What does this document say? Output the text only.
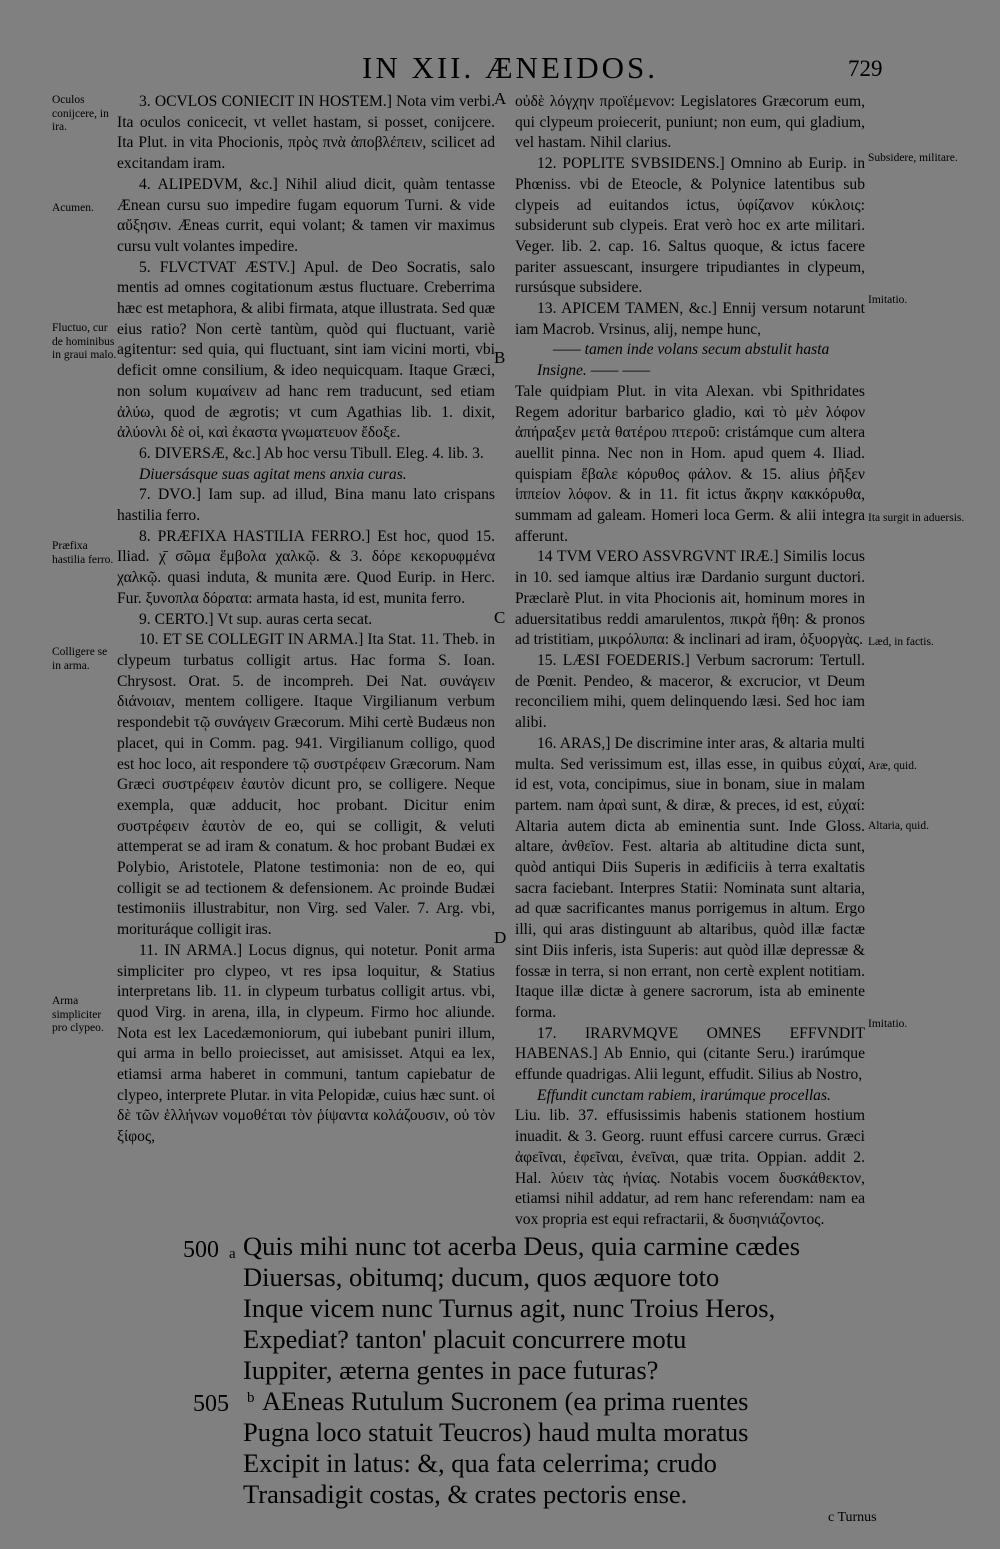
IN XII. ÆNEIDOS.	729
Oculos conijcere, in ira.
Acumen.
Fluctuo, cur de hominibus in graui malo.
Præfixa hastilia ferro.
Colligere se in arma.
Arma simpliciter pro clypeo.
Subsidere, militare.
Imitatio.
Ita surgit in aduersis.
Læd, in factis.
Aræ, quid.
Altaria, quid.
Imitatio.
A
B
C
D

3. OCVLOS CONIECIT IN HOSTEM.] Nota vim verbi. Ita oculos conicecit, vt vellet hastam, si posset, conijcere. Ita Plut. in vita Phocionis, πρὸς πνὰ ἀποβλέπειν, scilicet ad excitandam iram.

4. ALIPEDVM, &c.] Nihil aliud dicit, quàm tentasse Ænean cursu suo impedire fugam equorum Turni. & vide αὔξησιν. Æneas currit, equi volant; & tamen vir maximus cursu vult volantes impedire.

5. FLVCTVAT ÆSTV.] Apul. de Deo Socratis, salo mentis ad omnes cogitationum æstus fluctuare. Creberrima hæc est metaphora, & alibi firmata, atque illustrata. Sed quæ eius ratio? Non certè tantùm, quòd qui fluctuant, variè agitentur: sed quia, qui fluctuant, sint iam vicini morti, vbi deficit omne consilium, & ideo nequicquam. Itaque Græci, non solum κυμαίνειν ad hanc rem traducunt, sed etiam ἀλύω, quod de ægrotis; vt cum Agathias lib. 1. dixit, ἀλύονλι δὲ οἱ, καὶ ἐκαστα γνωματευον ἔδοξε.

6. DIVERSÆ, &c.] Ab hoc versu Tibull. Eleg. 4. lib. 3.

Diuersásque suas agitat mens anxia curas.

7. DVO.] Iam sup. ad illud, Bina manu lato crispans hastilia ferro.

8. PRÆFIXA HASTILIA FERRO.] Est hoc, quod 15. Iliad. χ̄ σῶμα ἕμβολα χαλκῷ. & 3. δόρε κεκορυφμένα χαλκῷ. quasi induta, & munita ære. Quod Eurip. in Herc. Fur. ξυνοπλα δόρατα: armata hasta, id est, munita ferro.

9. CERTO.] Vt sup. auras certa secat.

10. ET SE COLLEGIT IN ARMA.] Ita Stat. 11. Theb. in clypeum turbatus colligit artus. Hac forma S. Ioan. Chrysost. Orat. 5. de incompreh. Dei Nat. συνάγειν διάνοιαν, mentem colligere. Itaque Virgilianum verbum respondebit τῷ συνάγειν Græcorum. Mihi certè Budæus non placet, qui in Comm. pag. 941. Virgilianum colligo, quod est hoc loco, ait respondere τῷ συστρέφειν Græcorum. Nam Græci συστρέφειν ἑαυτὸν dicunt pro, se colligere. Neque exempla, quæ adducit, hoc probant. Dicitur enim συστρέφειν ἑαυτὸν de eo, qui se colligit, & veluti attemperat se ad iram & conatum. & hoc probant Budæi ex Polybio, Aristotele, Platone testimonia: non de eo, qui colligit se ad tectionem & defensionem. Ac proinde Budæi testimoniis illustrabitur, non Virg. sed Valer. 7. Arg. vbi, morituráque colligit iras.

11. IN ARMA.] Locus dignus, qui notetur. Ponit arma simpliciter pro clypeo, vt res ipsa loquitur, & Statius interpretans lib. 11. in clypeum turbatus colligit artus. vbi, quod Virg. in arena, illa, in clypeum. Firmo hoc aliunde. Nota est lex Lacedæmoniorum, qui iubebant puniri illum, qui arma in bello proiecisset, aut amisisset. Atqui ea lex, etiamsi arma haberet in communi, tantum capiebatur de clypeo, interprete Plutar. in vita Pelopidæ, cuius hæc sunt. οἱ δὲ τῶν ἑλλήνων νομοθέται τὸν ῥίψαντα κολάζουσιν, οὐ τὸν ξίφος,

οὐδὲ λόγχην προϊέμενον: Legislatores Græcorum eum, qui clypeum proiecerit, puniunt; non eum, qui gladium, vel hastam. Nihil clarius.

12. POPLITE SVBSIDENS.] Omnino ab Eurip. in Phœniss. vbi de Eteocle, & Polynice latentibus sub clypeis ad euitandos ictus, ὑφίζανον κύκλοις: subsiderunt sub clypeis. Erat verò hoc ex arte militari. Veger. lib. 2. cap. 16. Saltus quoque, & ictus facere pariter assuescant, insurgere tripudiantes in clypeum, rursúsque subsidere.

13. APICEM TAMEN, &c.] Ennij versum notarunt iam Macrob. Vrsinus, alij, nempe hunc,

—— tamen inde volans secum abstulit hasta

Insigne. —— ——

Tale quidpiam Plut. in vita Alexan. vbi Spithridates Regem adoritur barbarico gladio, καὶ τὸ μὲν λόφον ἀπήραξεν μετὰ θατέρου πτεροῦ: cristámque cum altera auellit pinna. Nec non in Hom. apud quem 4. Iliad. quispiam ἔβαλε κόρυθος φάλον. & 15. alius ῥῆξεν ἱππείον λόφον. & in 11. fit ictus ἄκρην κακκόρυθα, summam ad galeam. Homeri loca Germ. & alii integra afferunt.

14 TVM VERO ASSVRGVNT IRÆ.] Similis locus in 10. sed iamque altius iræ Dardanio surgunt ductori. Præclarè Plut. in vita Phocionis ait, hominum mores in aduersitatibus reddi amarulentos, πικρὰ ἤθη: & pronos ad tristitiam, μικρόλυπα: & inclinari ad iram, ὀξυοργὰς.

15. LÆSI FOEDERIS.] Verbum sacrorum: Tertull. de Pœnit. Pendeo, & maceror, & excrucior, vt Deum reconciliem mihi, quem delinquendo læsi. Sed hoc iam alibi.

16. ARAS,] De discrimine inter aras, & altaria multi multa. Sed verissimum est, illas esse, in quibus εὐχαί, id est, vota, concipimus, siue in bonam, siue in malam partem. nam ἀραὶ sunt, & diræ, & preces, id est, εὐχαί: Altaria autem dicta ab eminentia sunt. Inde Gloss. altare, ἀνθεῖον. Fest. altaria ab altitudine dicta sunt, quòd antiqui Diis Superis in ædificiis à terra exaltatis sacra faciebant. Interpres Statii: Nominata sunt altaria, ad quæ sacrificantes manus porrigemus in altum. Ergo illi, qui aras distinguunt ab altaribus, quòd illæ factæ sint Diis inferis, ista Superis: aut quòd illæ depressæ & fossæ in terra, si non errant, non certè explent notitiam. Itaque illæ dictæ à genere sacrorum, ista ab eminente forma.

17. IRARVMQVE OMNES EFFVNDIT HABENAS.] Ab Ennio, qui (citante Seru.) irarúmque effunde quadrigas. Alii legunt, effudit. Silius ab Nostro,

Effundit cunctam rabiem, irarúmque procellas.

Liu. lib. 37. effusissimis habenis stationem hostium inuadit. & 3. Georg. ruunt effusi carcere currus. Græci ἀφεῖναι, ἐφεῖναι, ἐνεῖναι, quæ trita. Oppian. addit 2. Hal. λύειν τὰς ἡνίας. Notabis vocem δυσκάθεκτον, etiamsi nihil addatur, ad rem hanc referendam: nam ea vox propria est equi refractarii, & δυσηνιάζοντος.

500 a Quis mihi nunc tot acerba Deus, quia carmine cædes
Diuersas, obitumq; ducum, quos æquore toto
Inque vicem nunc Turnus agit, nunc Troius Heros,
Expediat? tanton' placuit concurrere motu
Iuppiter, æterna gentes in pace futuras?
505 b AEneas Rutulum Sucronem (ea prima ruentes
Pugna loco statuit Teucros) haud multa moratus
Excipit in latus: &, qua fata celerrima; crudo
Transadigit costas, & crates pectoris ense.
c Turnus
